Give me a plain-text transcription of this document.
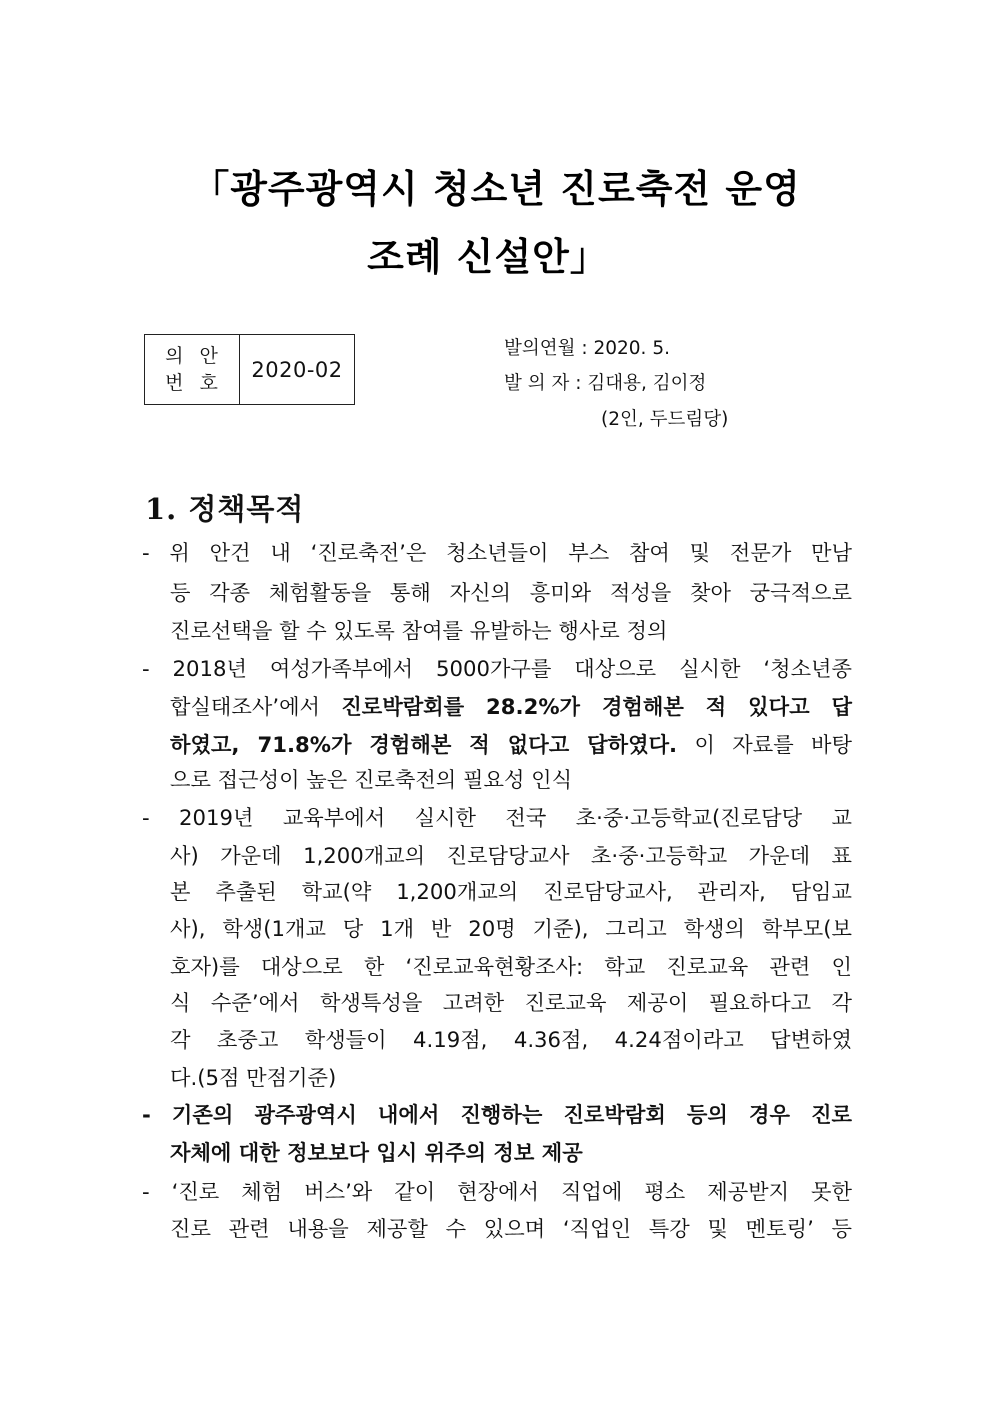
「광주광역시 청소년 진로축전 운영
조례 신설안」
의 안
번 호
2020-02
발의연월 : 2020. 5.
발 의 자 : 김대용, 김이정
(2인, 두드림당)
1. 정책목적
- 위 안건 내 ‘진로축전’은 청소년들이 부스 참여 및 전문가 만남
등 각종 체험활동을 통해 자신의 흥미와 적성을 찾아 궁극적으로
진로선택을 할 수 있도록 참여를 유발하는 행사로 정의
- 2018년 여성가족부에서 5000가구를 대상으로 실시한 ‘청소년종
합실태조사’에서 진로박람회를 28.2%가 경험해본 적 있다고 답
하였고, 71.8%가 경험해본 적 없다고 답하였다. 이 자료를 바탕
으로 접근성이 높은 진로축전의 필요성 인식
- 2019년 교육부에서 실시한 전국 초·중·고등학교(진로담당 교
사) 가운데 1,200개교의 진로담당교사 초·중·고등학교 가운데 표
본 추출된 학교(약 1,200개교의 진로담당교사, 관리자, 담임교
사), 학생(1개교 당 1개 반 20명 기준), 그리고 학생의 학부모(보
호자)를 대상으로 한 ‘진로교육현황조사: 학교 진로교육 관련 인
식 수준’에서 학생특성을 고려한 진로교육 제공이 필요하다고 각
각 초중고 학생들이 4.19점, 4.36점, 4.24점이라고 답변하였
다.(5점 만점기준)
- 기존의 광주광역시 내에서 진행하는 진로박람회 등의 경우 진로
자체에 대한 정보보다 입시 위주의 정보 제공
- ‘진로 체험 버스’와 같이 현장에서 직업에 평소 제공받지 못한
진로 관련 내용을 제공할 수 있으며 ‘직업인 특강 및 멘토링’ 등
